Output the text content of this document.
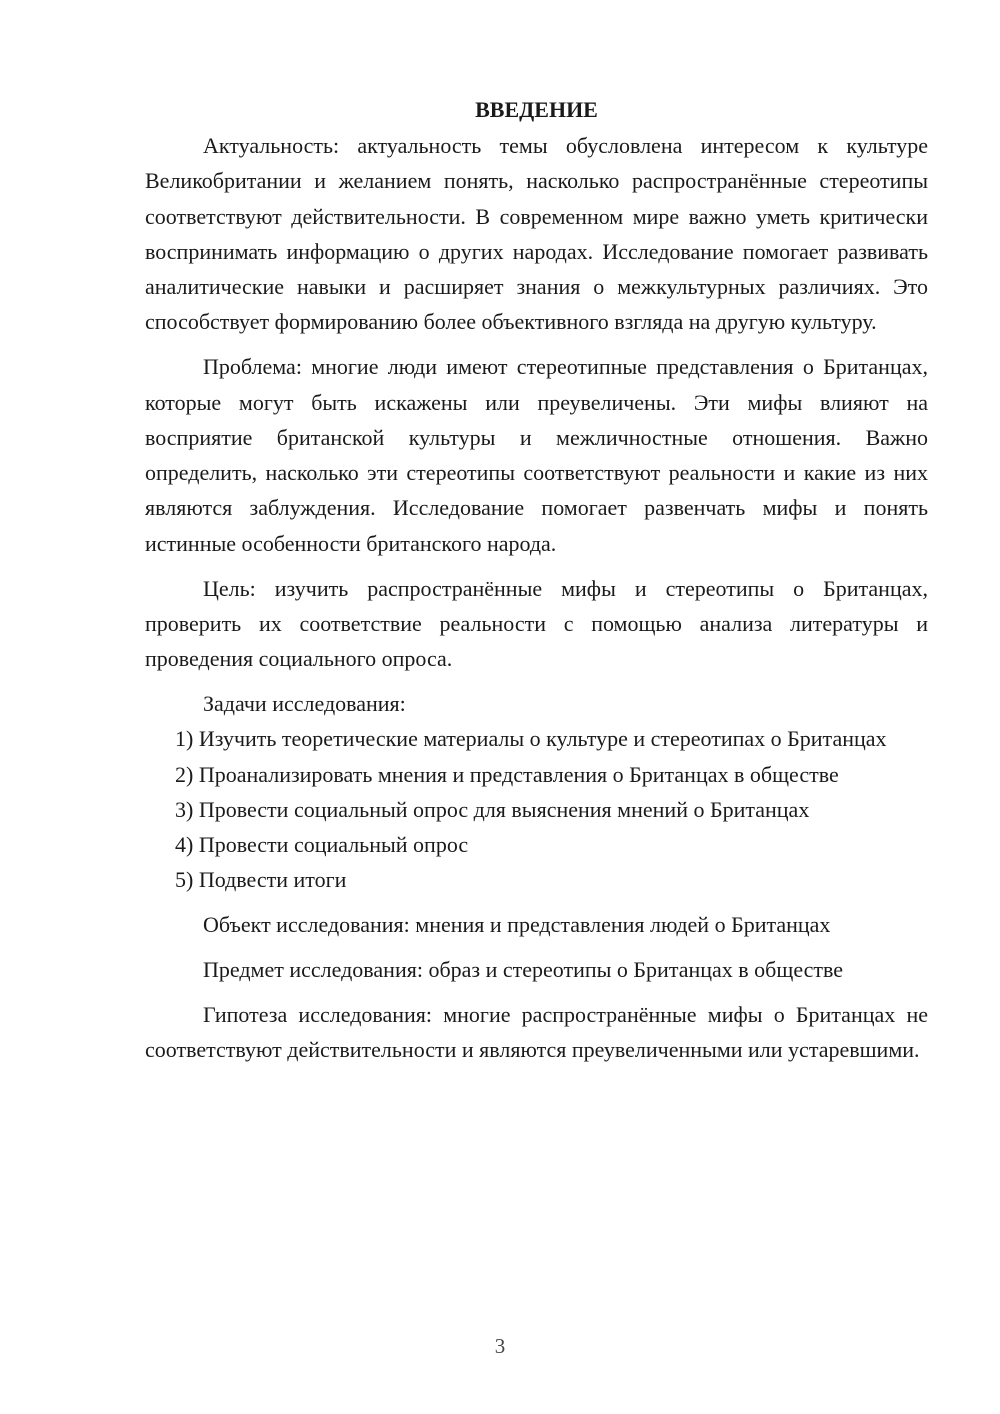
ВВЕДЕНИЕ

Актуальность: актуальность темы обусловлена интересом к культуре Великобритании и желанием понять, насколько распространённые стереотипы соответствуют действительности. В современном мире важно уметь критически воспринимать информацию о других народах. Исследование помогает развивать аналитические навыки и расширяет знания о межкультурных различиях. Это способствует формированию более объективного взгляда на другую культуру.

Проблема: многие люди имеют стереотипные представления о Британцах, которые могут быть искажены или преувеличены. Эти мифы влияют на восприятие британской культуры и межличностные отношения. Важно определить, насколько эти стереотипы соответствуют реальности и какие из них являются заблуждения. Исследование помогает развенчать мифы и понять истинные особенности британского народа.

Цель: изучить распространённые мифы и стереотипы о Британцах, проверить их соответствие реальности с помощью анализа литературы и проведения социального опроса.

Задачи исследования:

1) Изучить теоретические материалы о культуре и стереотипах о Британцах

2) Проанализировать мнения и представления о Британцах в обществе

3) Провести социальный опрос для выяснения мнений о Британцах

4) Провести социальный опрос

5) Подвести итоги

Объект исследования: мнения и представления людей о Британцах

Предмет исследования: образ и стереотипы о Британцах в обществе

Гипотеза исследования: многие распространённые мифы о Британцах не соответствуют действительности и являются преувеличенными или устаревшими.

3
